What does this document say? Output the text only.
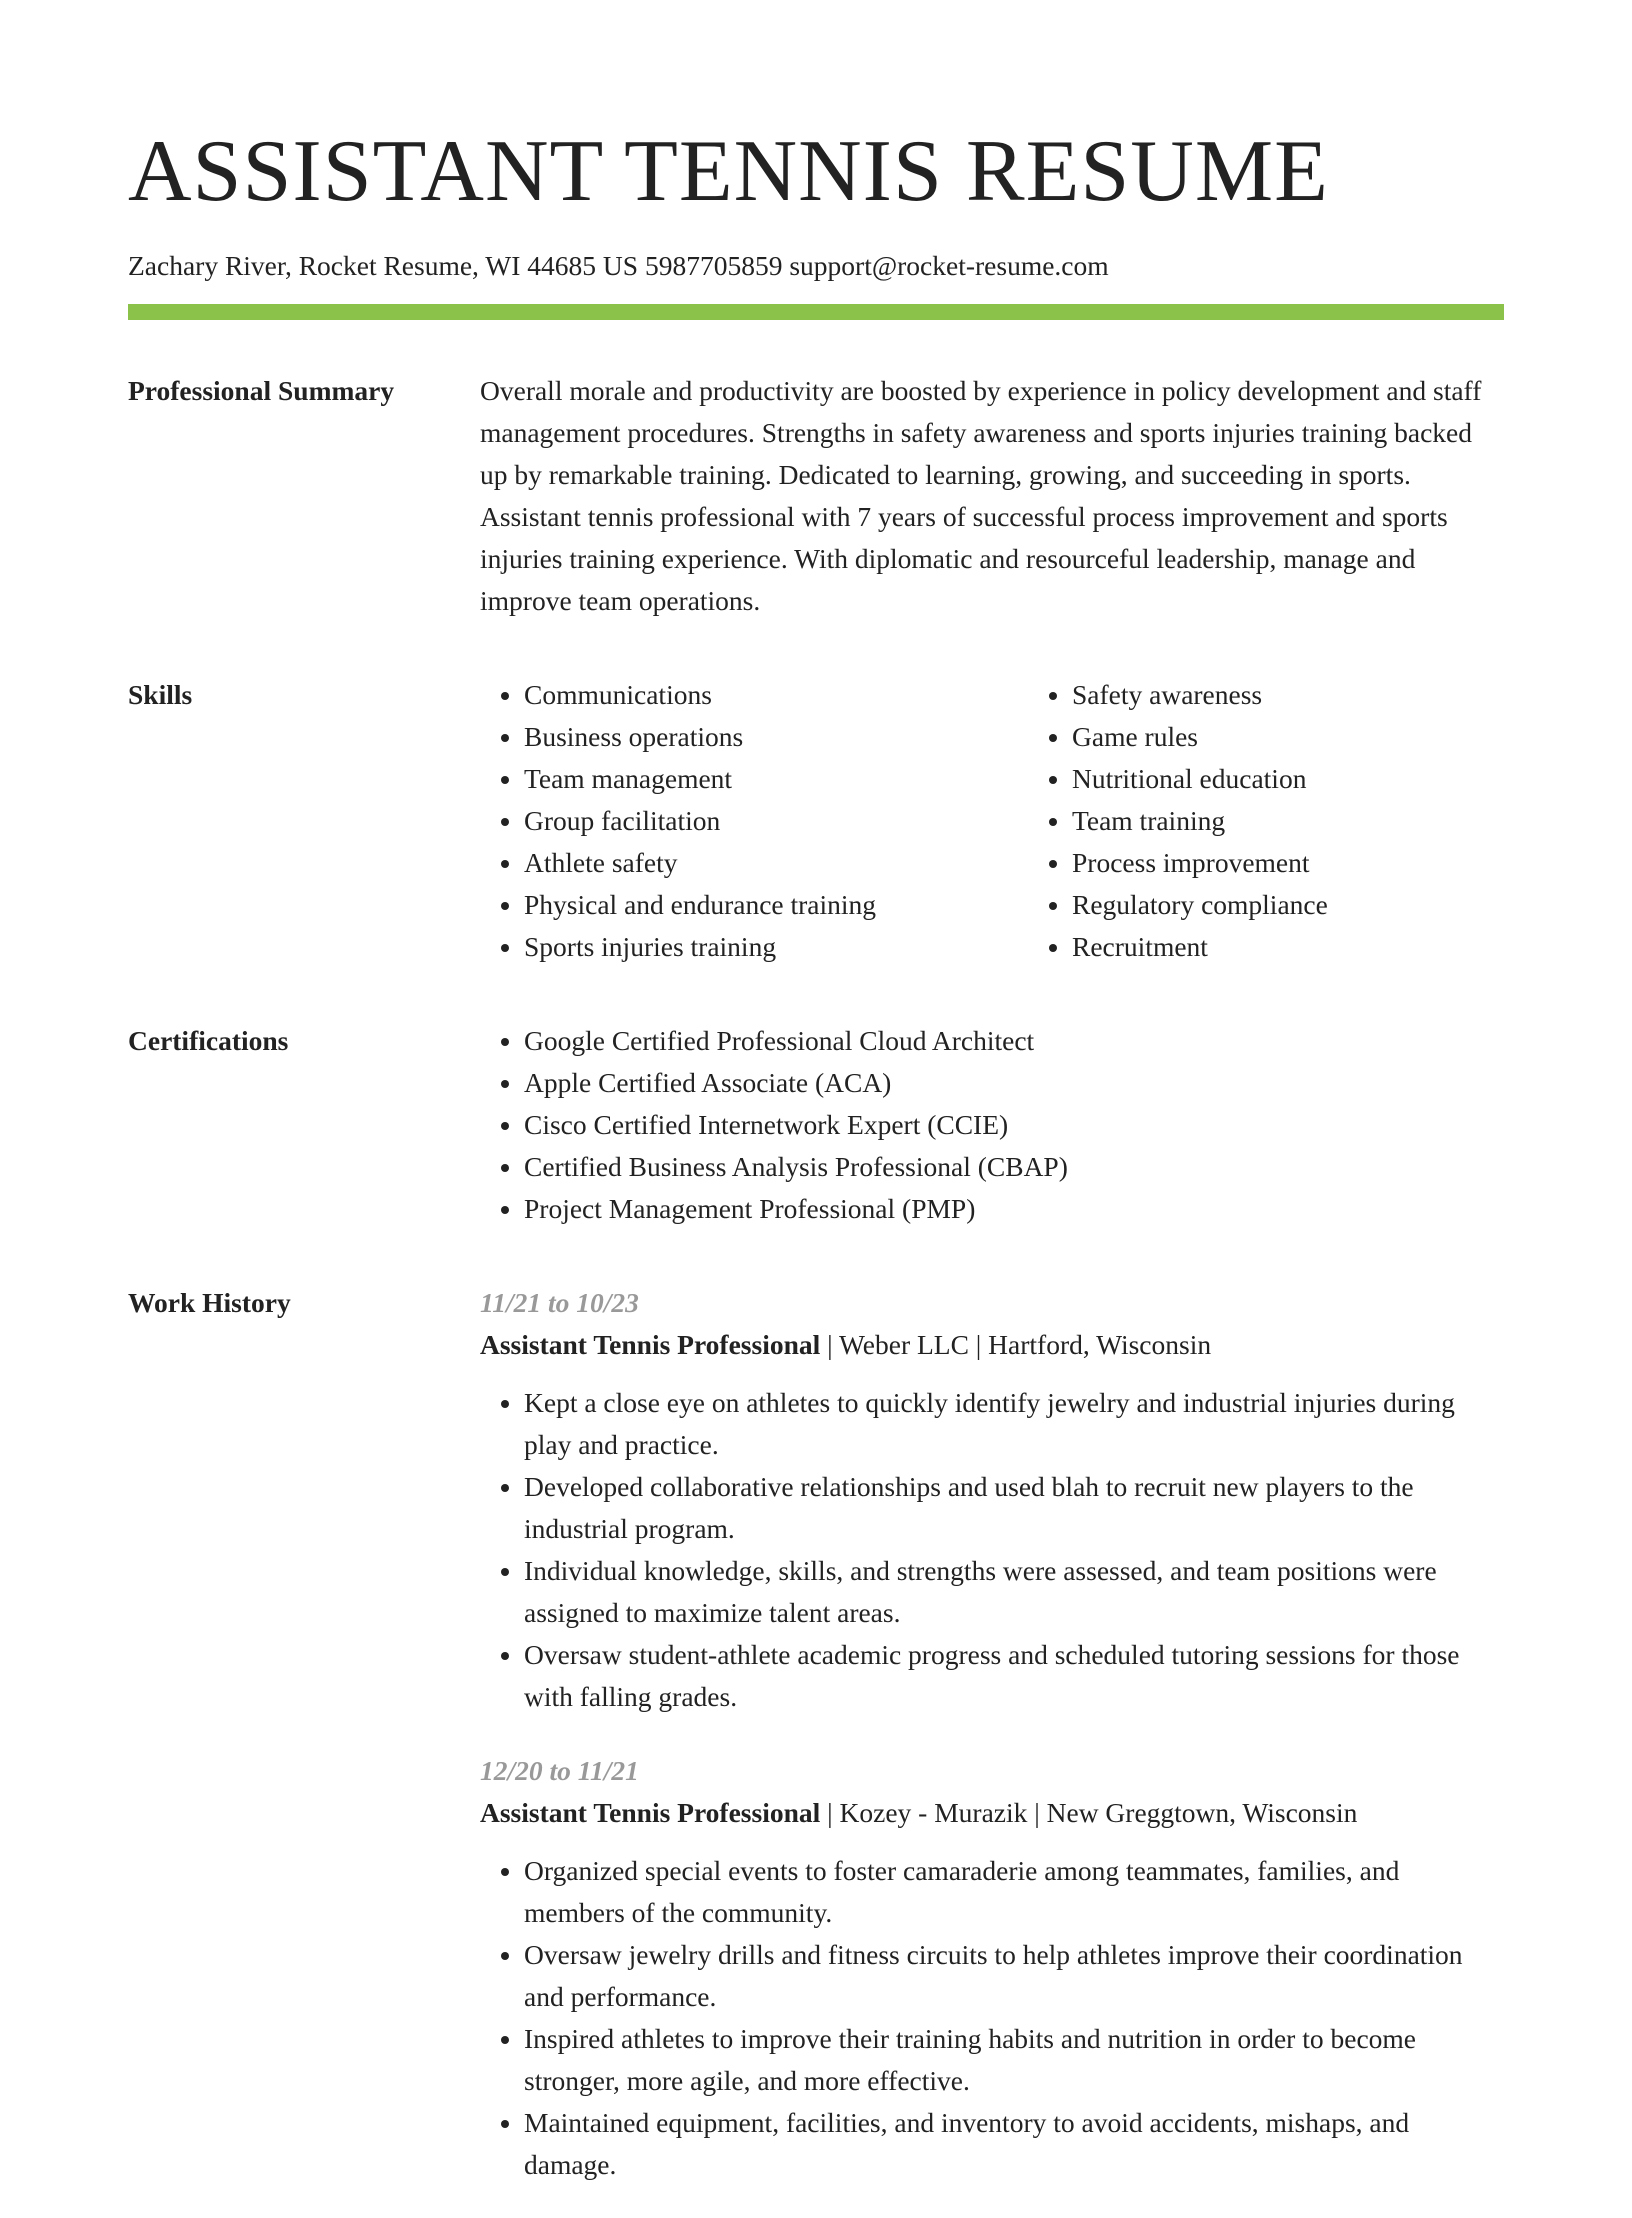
ASSISTANT TENNIS RESUME
Zachary River, Rocket Resume, WI 44685 US 5987705859 support@rocket-resume.com
Professional Summary	Overall morale and productivity are boosted by experience in policy development and staff management procedures. Strengths in safety awareness and sports injuries training backed up by remarkable training. Dedicated to learning, growing, and succeeding in sports. Assistant tennis professional with 7 years of successful process improvement and sports injuries training experience. With diplomatic and resourceful leadership, manage and improve team operations.

Skills	• Communications
• Business operations
• Team management
• Group facilitation
• Athlete safety
• Physical and endurance training
• Sports injuries training
• Safety awareness
• Game rules
• Nutritional education
• Team training
• Process improvement
• Regulatory compliance
• Recruitment
Certifications	• Google Certified Professional Cloud Architect
• Apple Certified Associate (ACA)
• Cisco Certified Internetwork Expert (CCIE)
• Certified Business Analysis Professional (CBAP)
• Project Management Professional (PMP)
Work History	11/21 to 10/23
Assistant Tennis Professional | Weber LLC | Hartford, Wisconsin
• Kept a close eye on athletes to quickly identify jewelry and industrial injuries during play and practice.
• Developed collaborative relationships and used blah to recruit new players to the industrial program.
• Individual knowledge, skills, and strengths were assessed, and team positions were assigned to maximize talent areas.
• Oversaw student-athlete academic progress and scheduled tutoring sessions for those with falling grades.
12/20 to 11/21
Assistant Tennis Professional | Kozey - Murazik | New Greggtown, Wisconsin
• Organized special events to foster camaraderie among teammates, families, and members of the community.
• Oversaw jewelry drills and fitness circuits to help athletes improve their coordination and performance.
• Inspired athletes to improve their training habits and nutrition in order to become stronger, more agile, and more effective.
• Maintained equipment, facilities, and inventory to avoid accidents, mishaps, and damage.
